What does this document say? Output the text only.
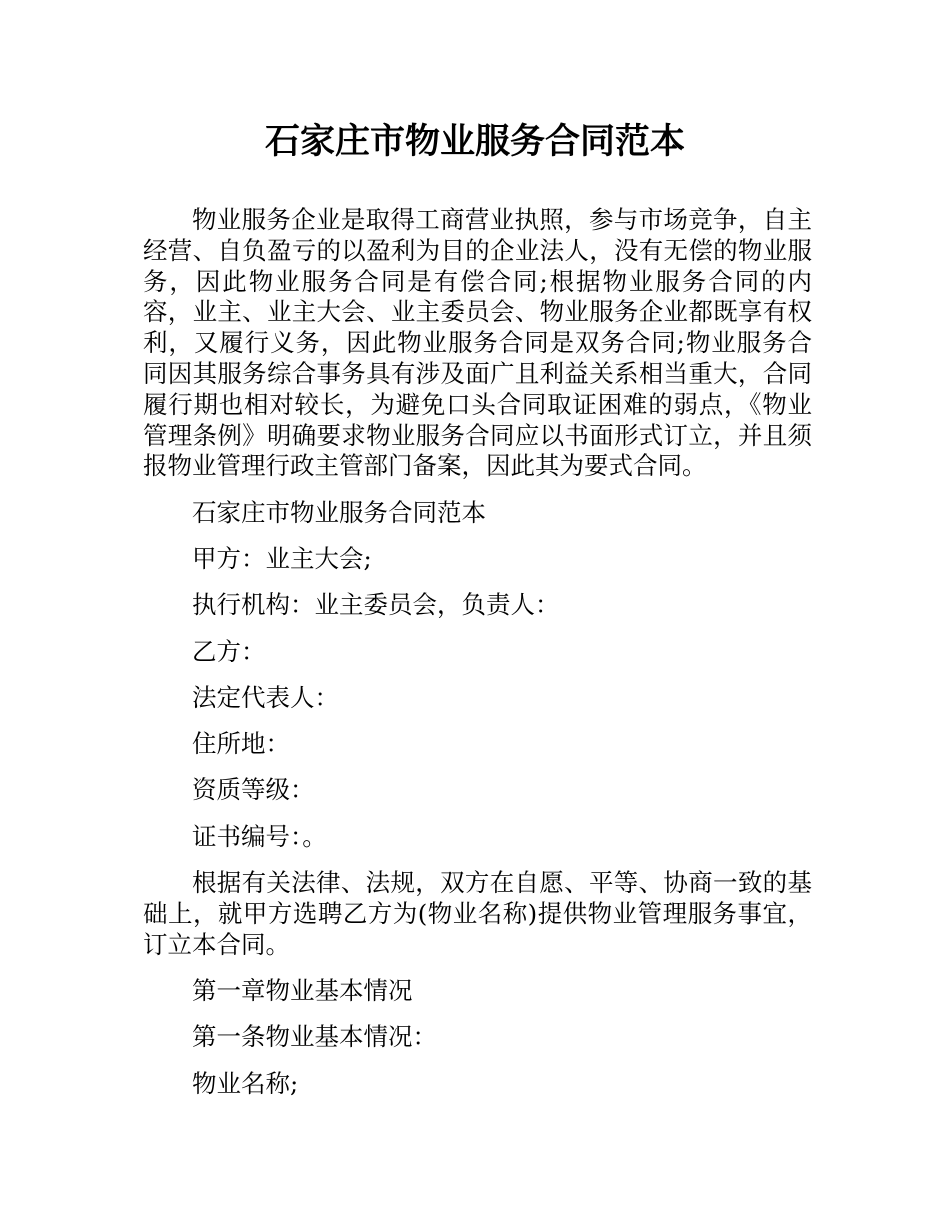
石家庄市物业服务合同范本

物业服务企业是取得工商营业执照，参与市场竞争，自主经营、自负盈亏的以盈利为目的企业法人，没有无偿的物业服务，因此物业服务合同是有偿合同;根据物业服务合同的内容，业主、业主大会、业主委员会、物业服务企业都既享有权利，又履行义务，因此物业服务合同是双务合同;物业服务合同因其服务综合事务具有涉及面广且利益关系相当重大，合同履行期也相对较长，为避免口头合同取证困难的弱点，《物业管理条例》明确要求物业服务合同应以书面形式订立，并且须报物业管理行政主管部门备案，因此其为要式合同。

石家庄市物业服务合同范本

甲方：业主大会;

执行机构：业主委员会，负责人：

乙方：

法定代表人：

住所地：

资质等级：

证书编号：。

根据有关法律、法规，双方在自愿、平等、协商一致的基础上，就甲方选聘乙方为(物业名称)提供物业管理服务事宜，订立本合同。

第一章物业基本情况

第一条物业基本情况：

物业名称;
